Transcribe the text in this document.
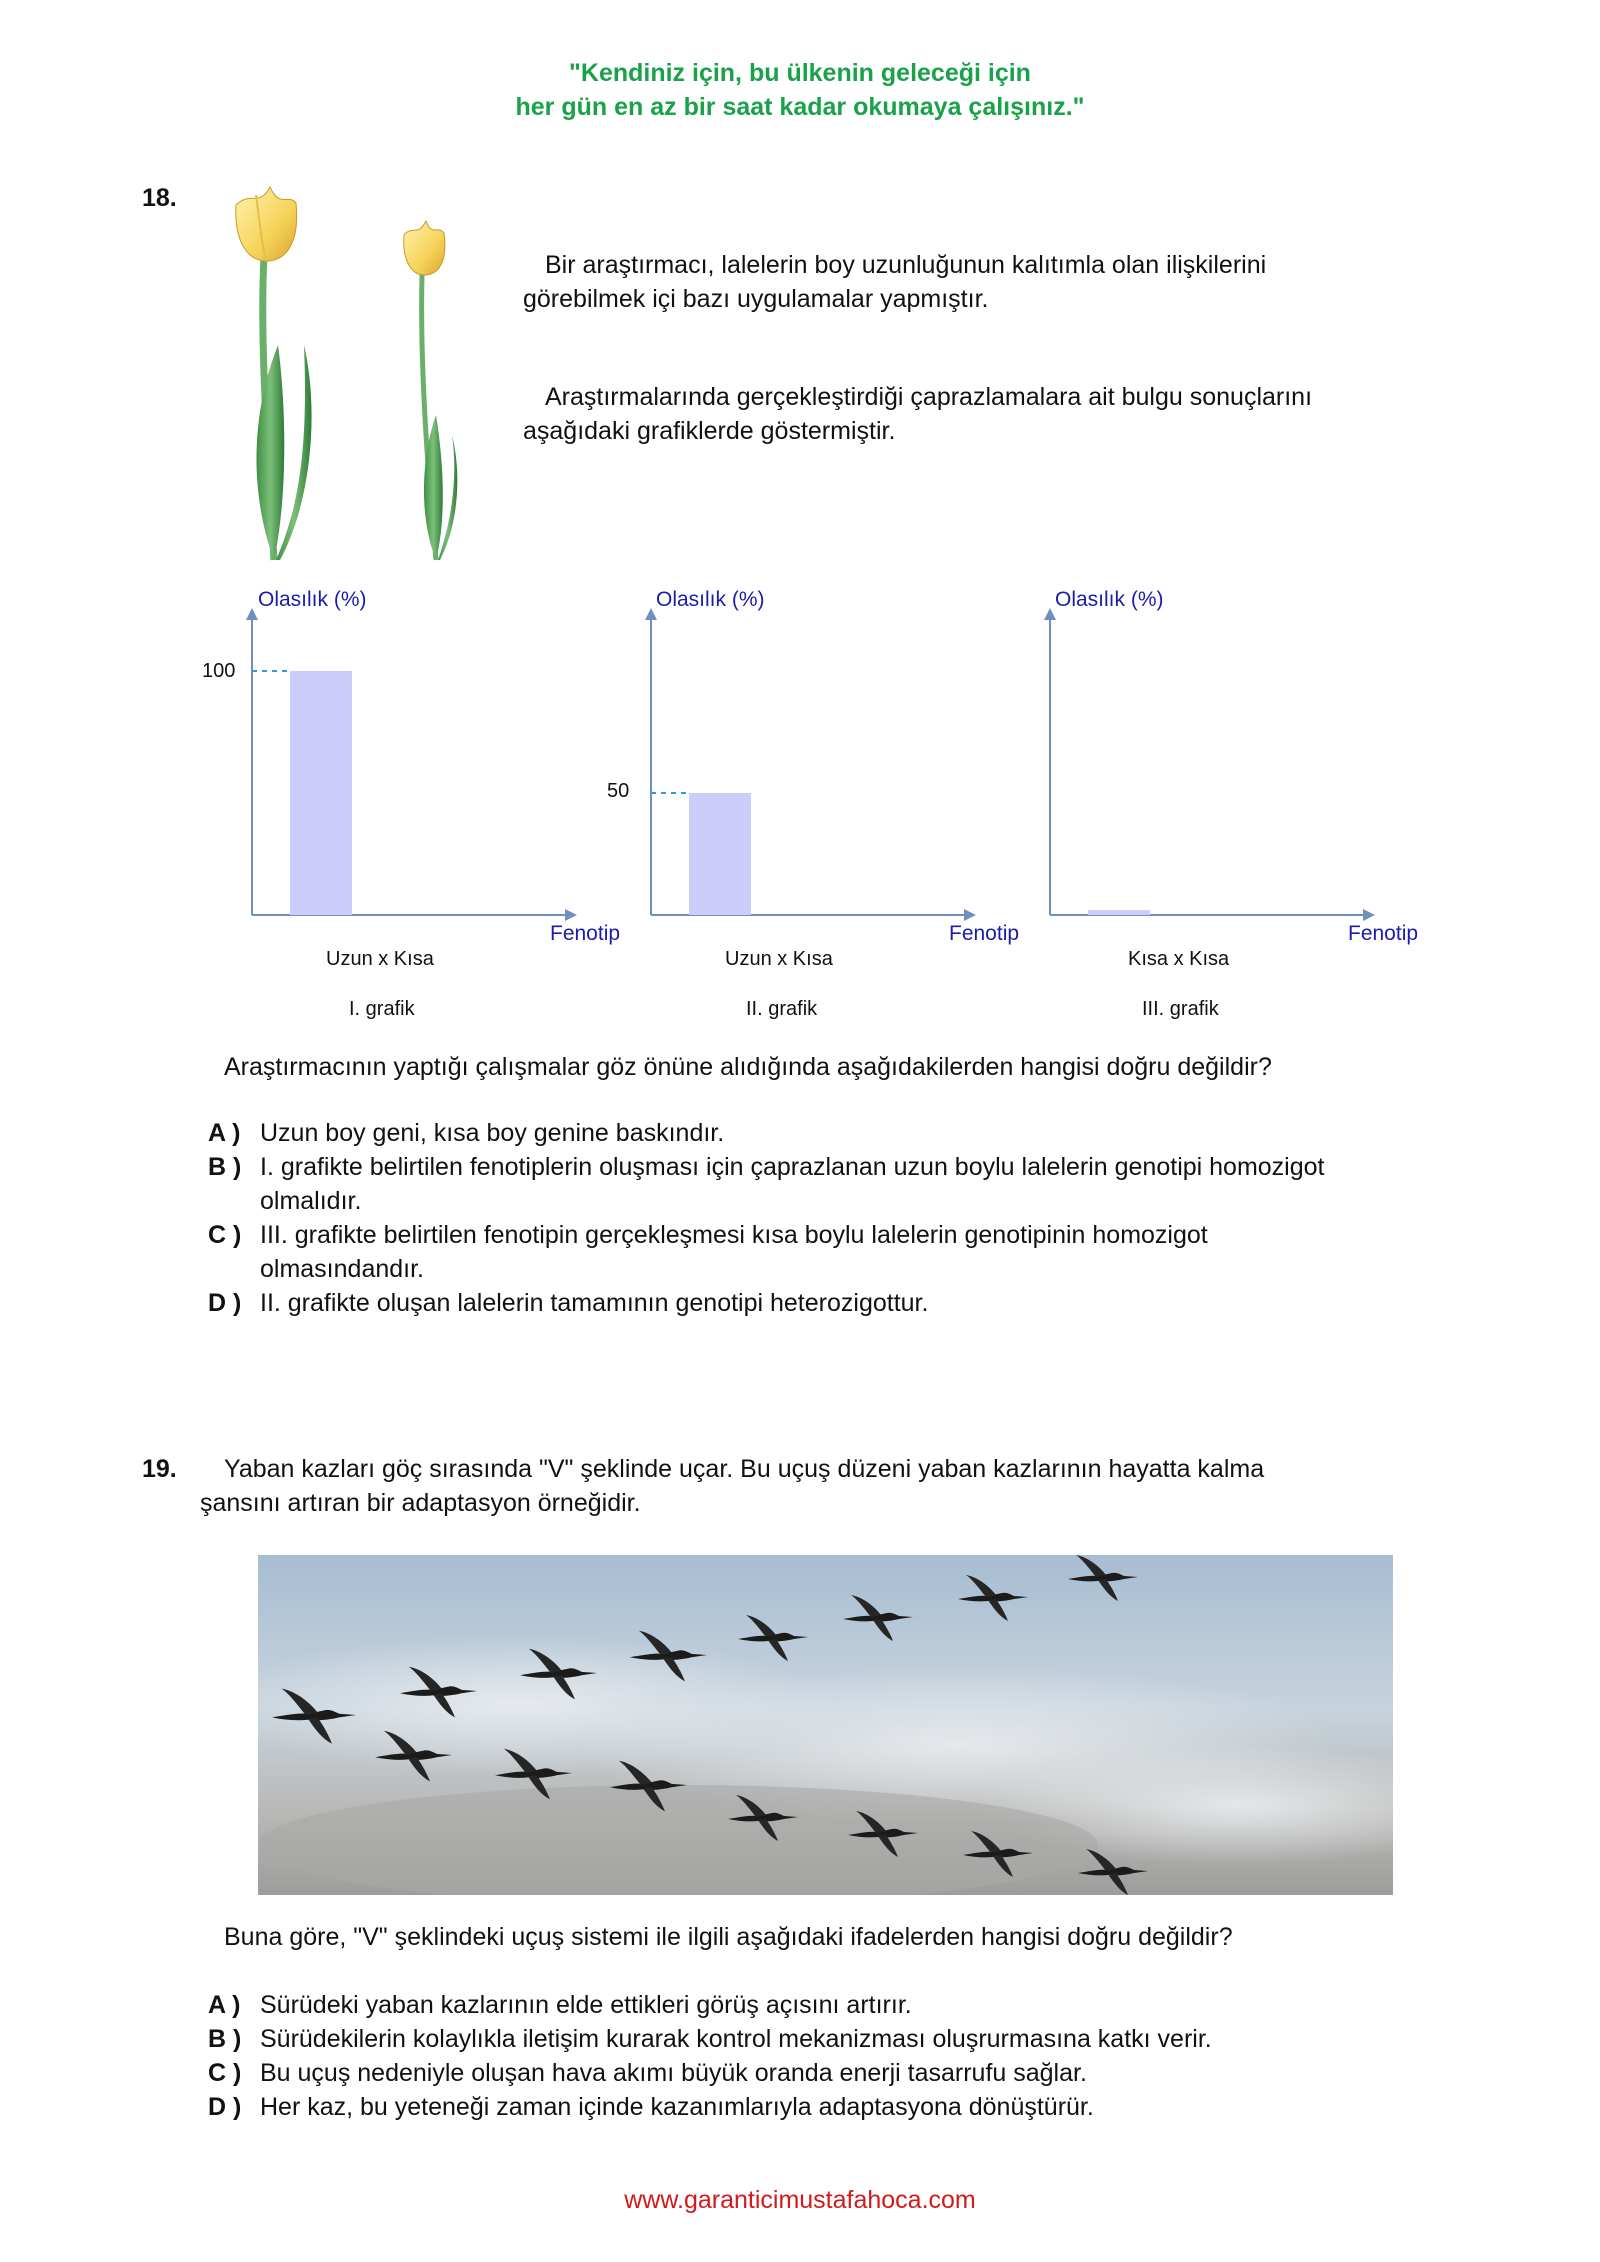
"Kendiniz için, bu ülkenin geleceği için
her gün en az bir saat kadar okumaya çalışınız."
18.
Bir araştırmacı, lalelerin boy uzunluğunun kalıtımla olan ilişkilerini
görebilmek içi bazı uygulamalar yapmıştır.
Araştırmalarında gerçekleştirdiği çaprazlamalara ait bulgu sonuçlarını
aşağıdaki grafiklerde göstermiştir.
Olasılık (%)	Olasılık (%)	Olasılık (%)
100
50
Fenotip	Fenotip	Fenotip
Uzun x Kısa	Uzun x Kısa	Kısa x Kısa
I. grafik	II. grafik	III. grafik
Araştırmacının yaptığı çalışmalar göz önüne alıdığında aşağıdakilerden hangisi doğru değildir?
A ) Uzun boy geni, kısa boy genine baskındır.
B ) I. grafikte belirtilen fenotiplerin oluşması için çaprazlanan uzun boylu lalelerin genotipi homozigot olmalıdır.
C ) III. grafikte belirtilen fenotipin gerçekleşmesi kısa boylu lalelerin genotipinin homozigot olmasındandır.
D ) II. grafikte oluşan lalelerin tamamının genotipi heterozigottur.
19. Yaban kazları göç sırasında "V" şeklinde uçar. Bu uçuş düzeni yaban kazlarının hayatta kalma
şansını artıran bir adaptasyon örneğidir.
Buna göre, "V" şeklindeki uçuş sistemi ile ilgili aşağıdaki ifadelerden hangisi doğru değildir?
A ) Sürüdeki yaban kazlarının elde ettikleri görüş açısını artırır.
B ) Sürüdekilerin kolaylıkla iletişim kurarak kontrol mekanizması oluşrurmasına katkı verir.
C ) Bu uçuş nedeniyle oluşan hava akımı büyük oranda enerji tasarrufu sağlar.
D ) Her kaz, bu yeteneği zaman içinde kazanımlarıyla adaptasyona dönüştürür.
www.garanticimustafahoca.com
